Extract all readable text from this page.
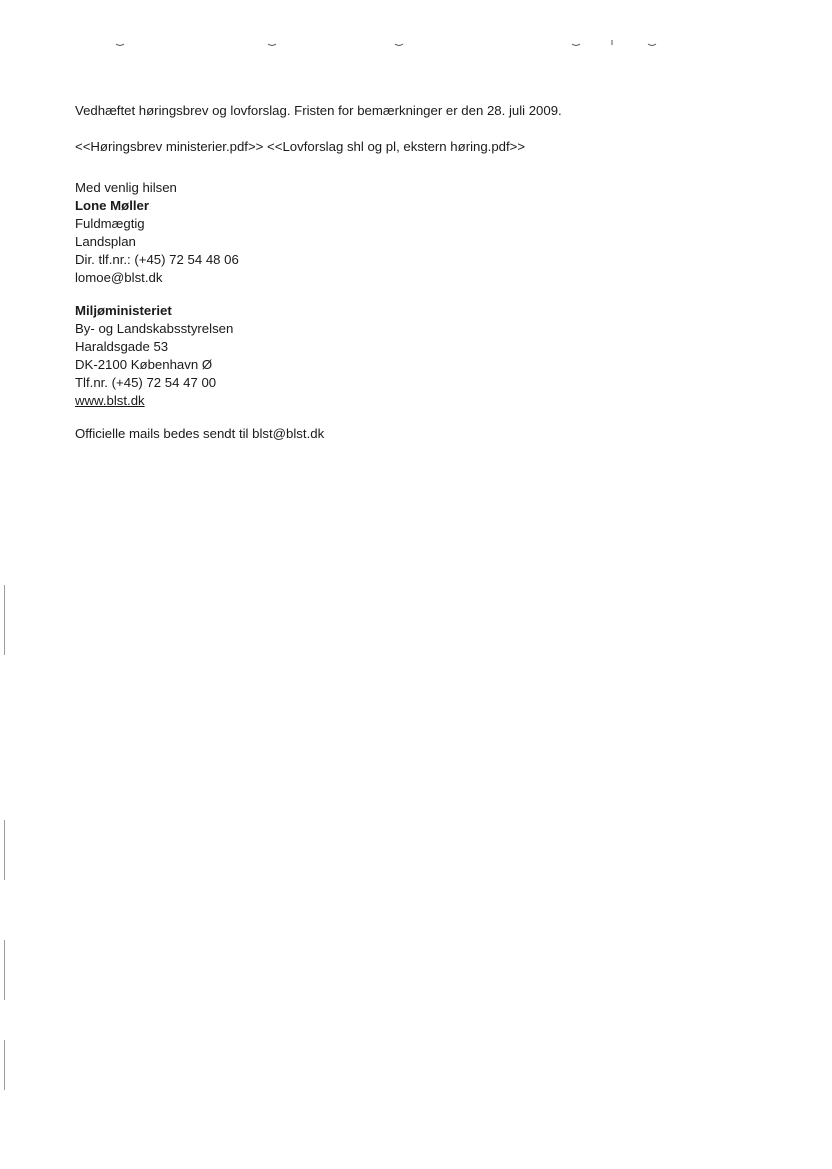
Vedhæftet høringsbrev og lovforslag. Fristen for bemærkninger er den 28. juli 2009.

<<Høringsbrev ministerier.pdf>> <<Lovforslag shl og pl, ekstern høring.pdf>>

Med venlig hilsen

Lone Møller

Fuldmægtig

Landsplan

Dir. tlf.nr.: (+45) 72 54 48 06

lomoe@blst.dk

Miljøministeriet

By- og Landskabsstyrelsen

Haraldsgade 53

DK-2100 København Ø

Tlf.nr. (+45) 72 54 47 00

www.blst.dk

Officielle mails bedes sendt til blst@blst.dk
